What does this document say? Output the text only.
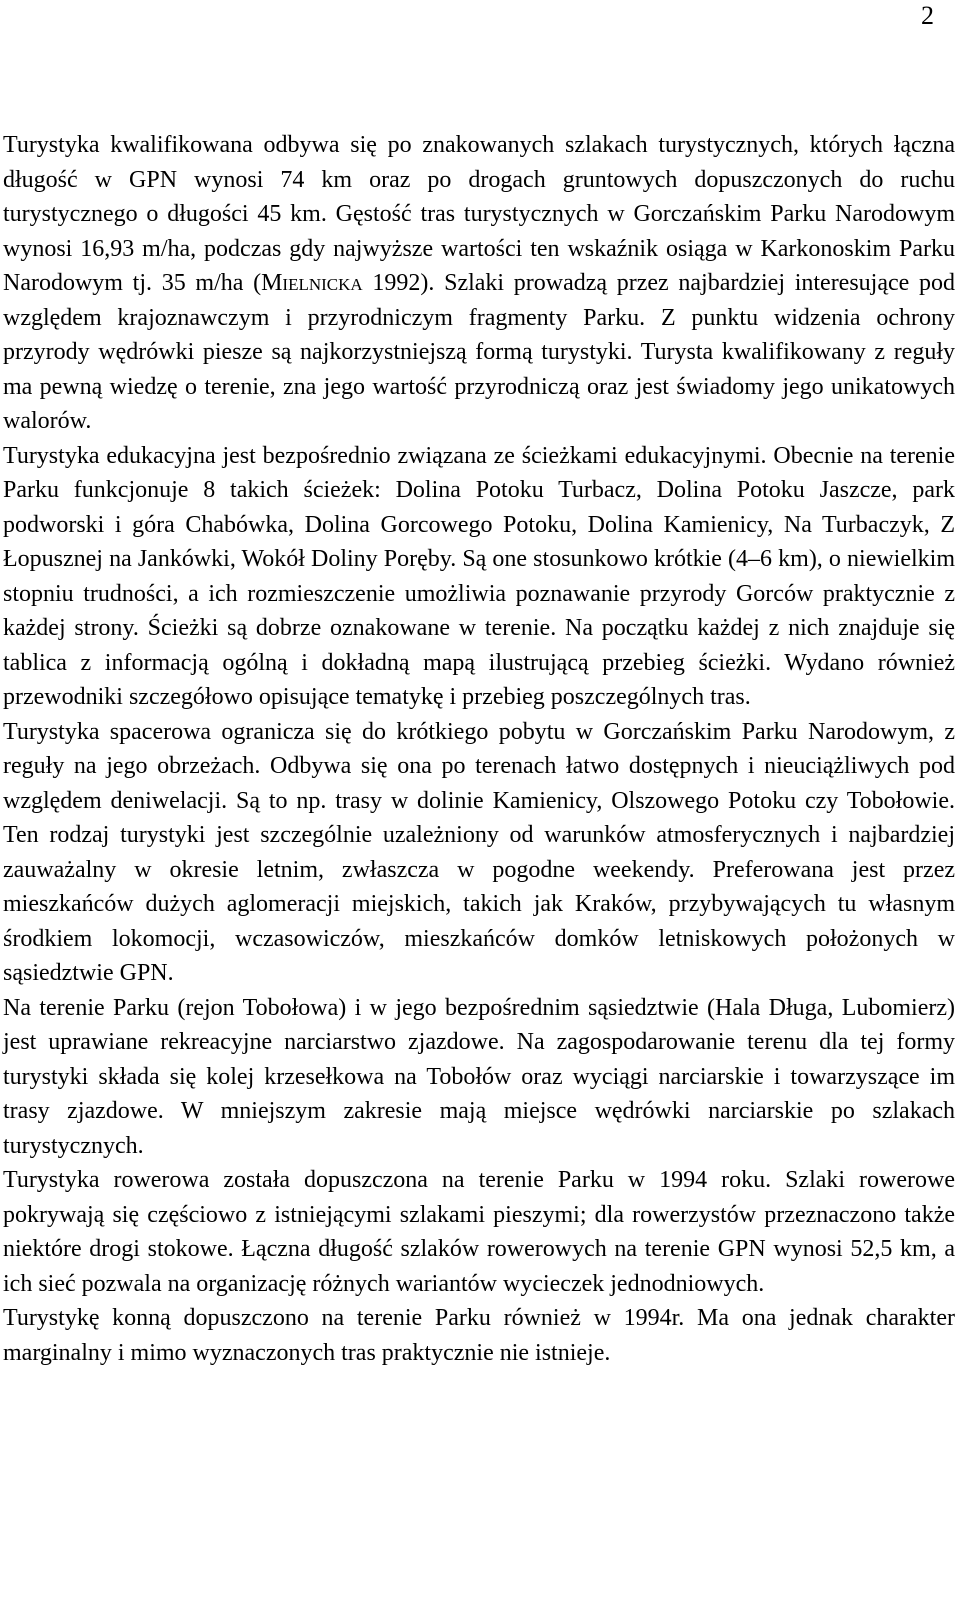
2

Turystyka kwalifikowana odbywa się po znakowanych szlakach turystycznych, których łączna długość w GPN wynosi 74 km oraz po drogach gruntowych dopuszczonych do ruchu turystycznego o długości 45 km. Gęstość tras turystycznych w Gorczańskim Parku Narodowym wynosi 16,93 m/ha, podczas gdy najwyższe wartości ten wskaźnik osiąga w Karkonoskim Parku Narodowym tj. 35 m/ha (Mielnicka 1992). Szlaki prowadzą przez najbardziej interesujące pod względem krajoznawczym i przyrodniczym fragmenty Parku. Z punktu widzenia ochrony przyrody wędrówki piesze są najkorzystniejszą formą turystyki. Turysta kwalifikowany z reguły ma pewną wiedzę o terenie, zna jego wartość przyrodniczą oraz jest świadomy jego unikatowych walorów.

Turystyka edukacyjna jest bezpośrednio związana ze ścieżkami edukacyjnymi. Obecnie na terenie Parku funkcjonuje 8 takich ścieżek: Dolina Potoku Turbacz, Dolina Potoku Jaszcze, park podworski i góra Chabówka, Dolina Gorcowego Potoku, Dolina Kamienicy, Na Turbaczyk, Z Łopusznej na Jankówki, Wokół Doliny Poręby. Są one stosunkowo krótkie (4–6 km), o niewielkim stopniu trudności, a ich rozmieszczenie umożliwia poznawanie przyrody Gorców praktycznie z każdej strony. Ścieżki są dobrze oznakowane w terenie. Na początku każdej z nich znajduje się tablica z informacją ogólną i dokładną mapą ilustrującą przebieg ścieżki. Wydano również przewodniki szczegółowo opisujące tematykę i przebieg poszczególnych tras.

Turystyka spacerowa ogranicza się do krótkiego pobytu w Gorczańskim Parku Narodowym, z reguły na jego obrzeżach. Odbywa się ona po terenach łatwo dostępnych i nieuciążliwych pod względem deniwelacji. Są to np. trasy w dolinie Kamienicy, Olszowego Potoku czy Tobołowie. Ten rodzaj turystyki jest szczególnie uzależniony od warunków atmosferycznych i najbardziej zauważalny w okresie letnim, zwłaszcza w pogodne weekendy. Preferowana jest przez mieszkańców dużych aglomeracji miejskich, takich jak Kraków, przybywających tu własnym środkiem lokomocji, wczasowiczów, mieszkańców domków letniskowych położonych w sąsiedztwie GPN.

Na terenie Parku (rejon Tobołowa) i w jego bezpośrednim sąsiedztwie (Hala Długa, Lubomierz) jest uprawiane rekreacyjne narciarstwo zjazdowe. Na zagospodarowanie terenu dla tej formy turystyki składa się kolej krzesełkowa na Tobołów oraz wyciągi narciarskie i towarzyszące im trasy zjazdowe. W mniejszym zakresie mają miejsce wędrówki narciarskie po szlakach turystycznych.

Turystyka rowerowa została dopuszczona na terenie Parku w 1994 roku. Szlaki rowerowe pokrywają się częściowo z istniejącymi szlakami pieszymi; dla rowerzystów przeznaczono także niektóre drogi stokowe. Łączna długość szlaków rowerowych na terenie GPN wynosi 52,5 km, a ich sieć pozwala na organizację różnych wariantów wycieczek jednodniowych.

Turystykę konną dopuszczono na terenie Parku również w 1994r. Ma ona jednak charakter marginalny i mimo wyznaczonych tras praktycznie nie istnieje.
